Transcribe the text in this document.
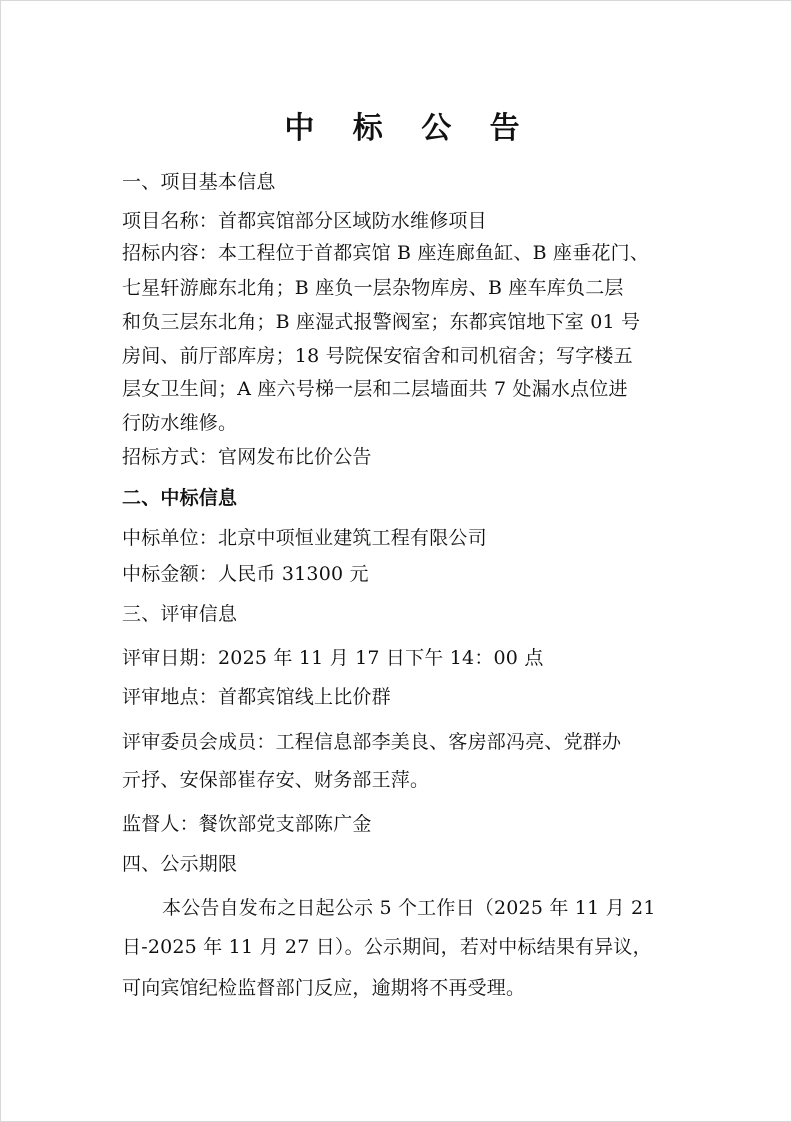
中 标 公 告
一、项目基本信息
项目名称：首都宾馆部分区域防水维修项目
招标内容：本工程位于首都宾馆 B 座连廊鱼缸、B 座垂花门、
七星轩游廊东北角；B 座负一层杂物库房、B 座车库负二层
和负三层东北角；B 座湿式报警阀室；东都宾馆地下室 01 号
房间、前厅部库房；18 号院保安宿舍和司机宿舍；写字楼五
层女卫生间；A 座六号梯一层和二层墙面共 7 处漏水点位进
行防水维修。
招标方式：官网发布比价公告
二、中标信息
中标单位：北京中项恒业建筑工程有限公司
中标金额：人民币 31300 元
三、评审信息
评审日期：2025 年 11 月 17 日下午 14：00 点
评审地点：首都宾馆线上比价群
评审委员会成员：工程信息部李美良、客房部冯亮、党群办
亓抒、安保部崔存安、财务部王萍。
监督人：餐饮部党支部陈广金
四、公示期限
本公告自发布之日起公示 5 个工作日（2025 年 11 月 21
日-2025 年 11 月 27 日）。公示期间，若对中标结果有异议，
可向宾馆纪检监督部门反应，逾期将不再受理。
